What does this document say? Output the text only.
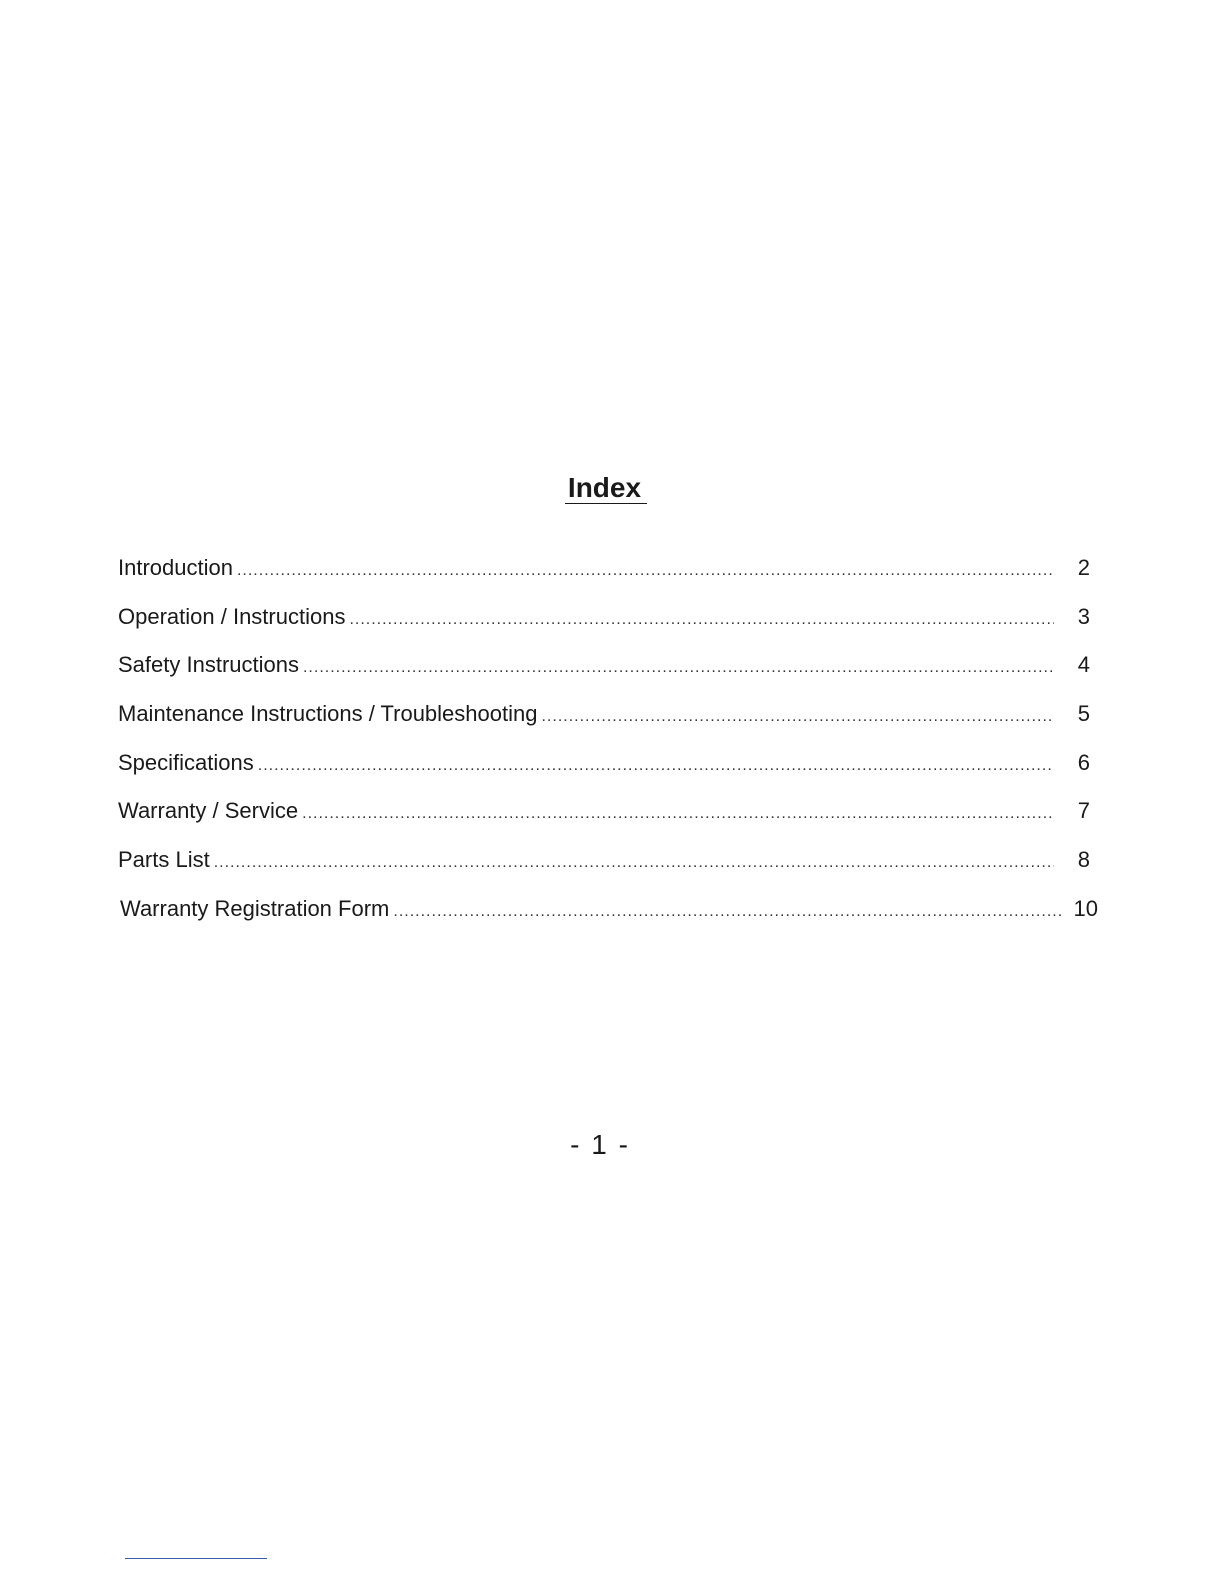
Index
Introduction .....	2
Operation / Instructions .....	3
Safety Instructions .....	4
Maintenance Instructions / Troubleshooting .....	5
Specifications .....	6
Warranty / Service .....	7
Parts List .....	8
Warranty Registration Form .....	10
- 1 -
